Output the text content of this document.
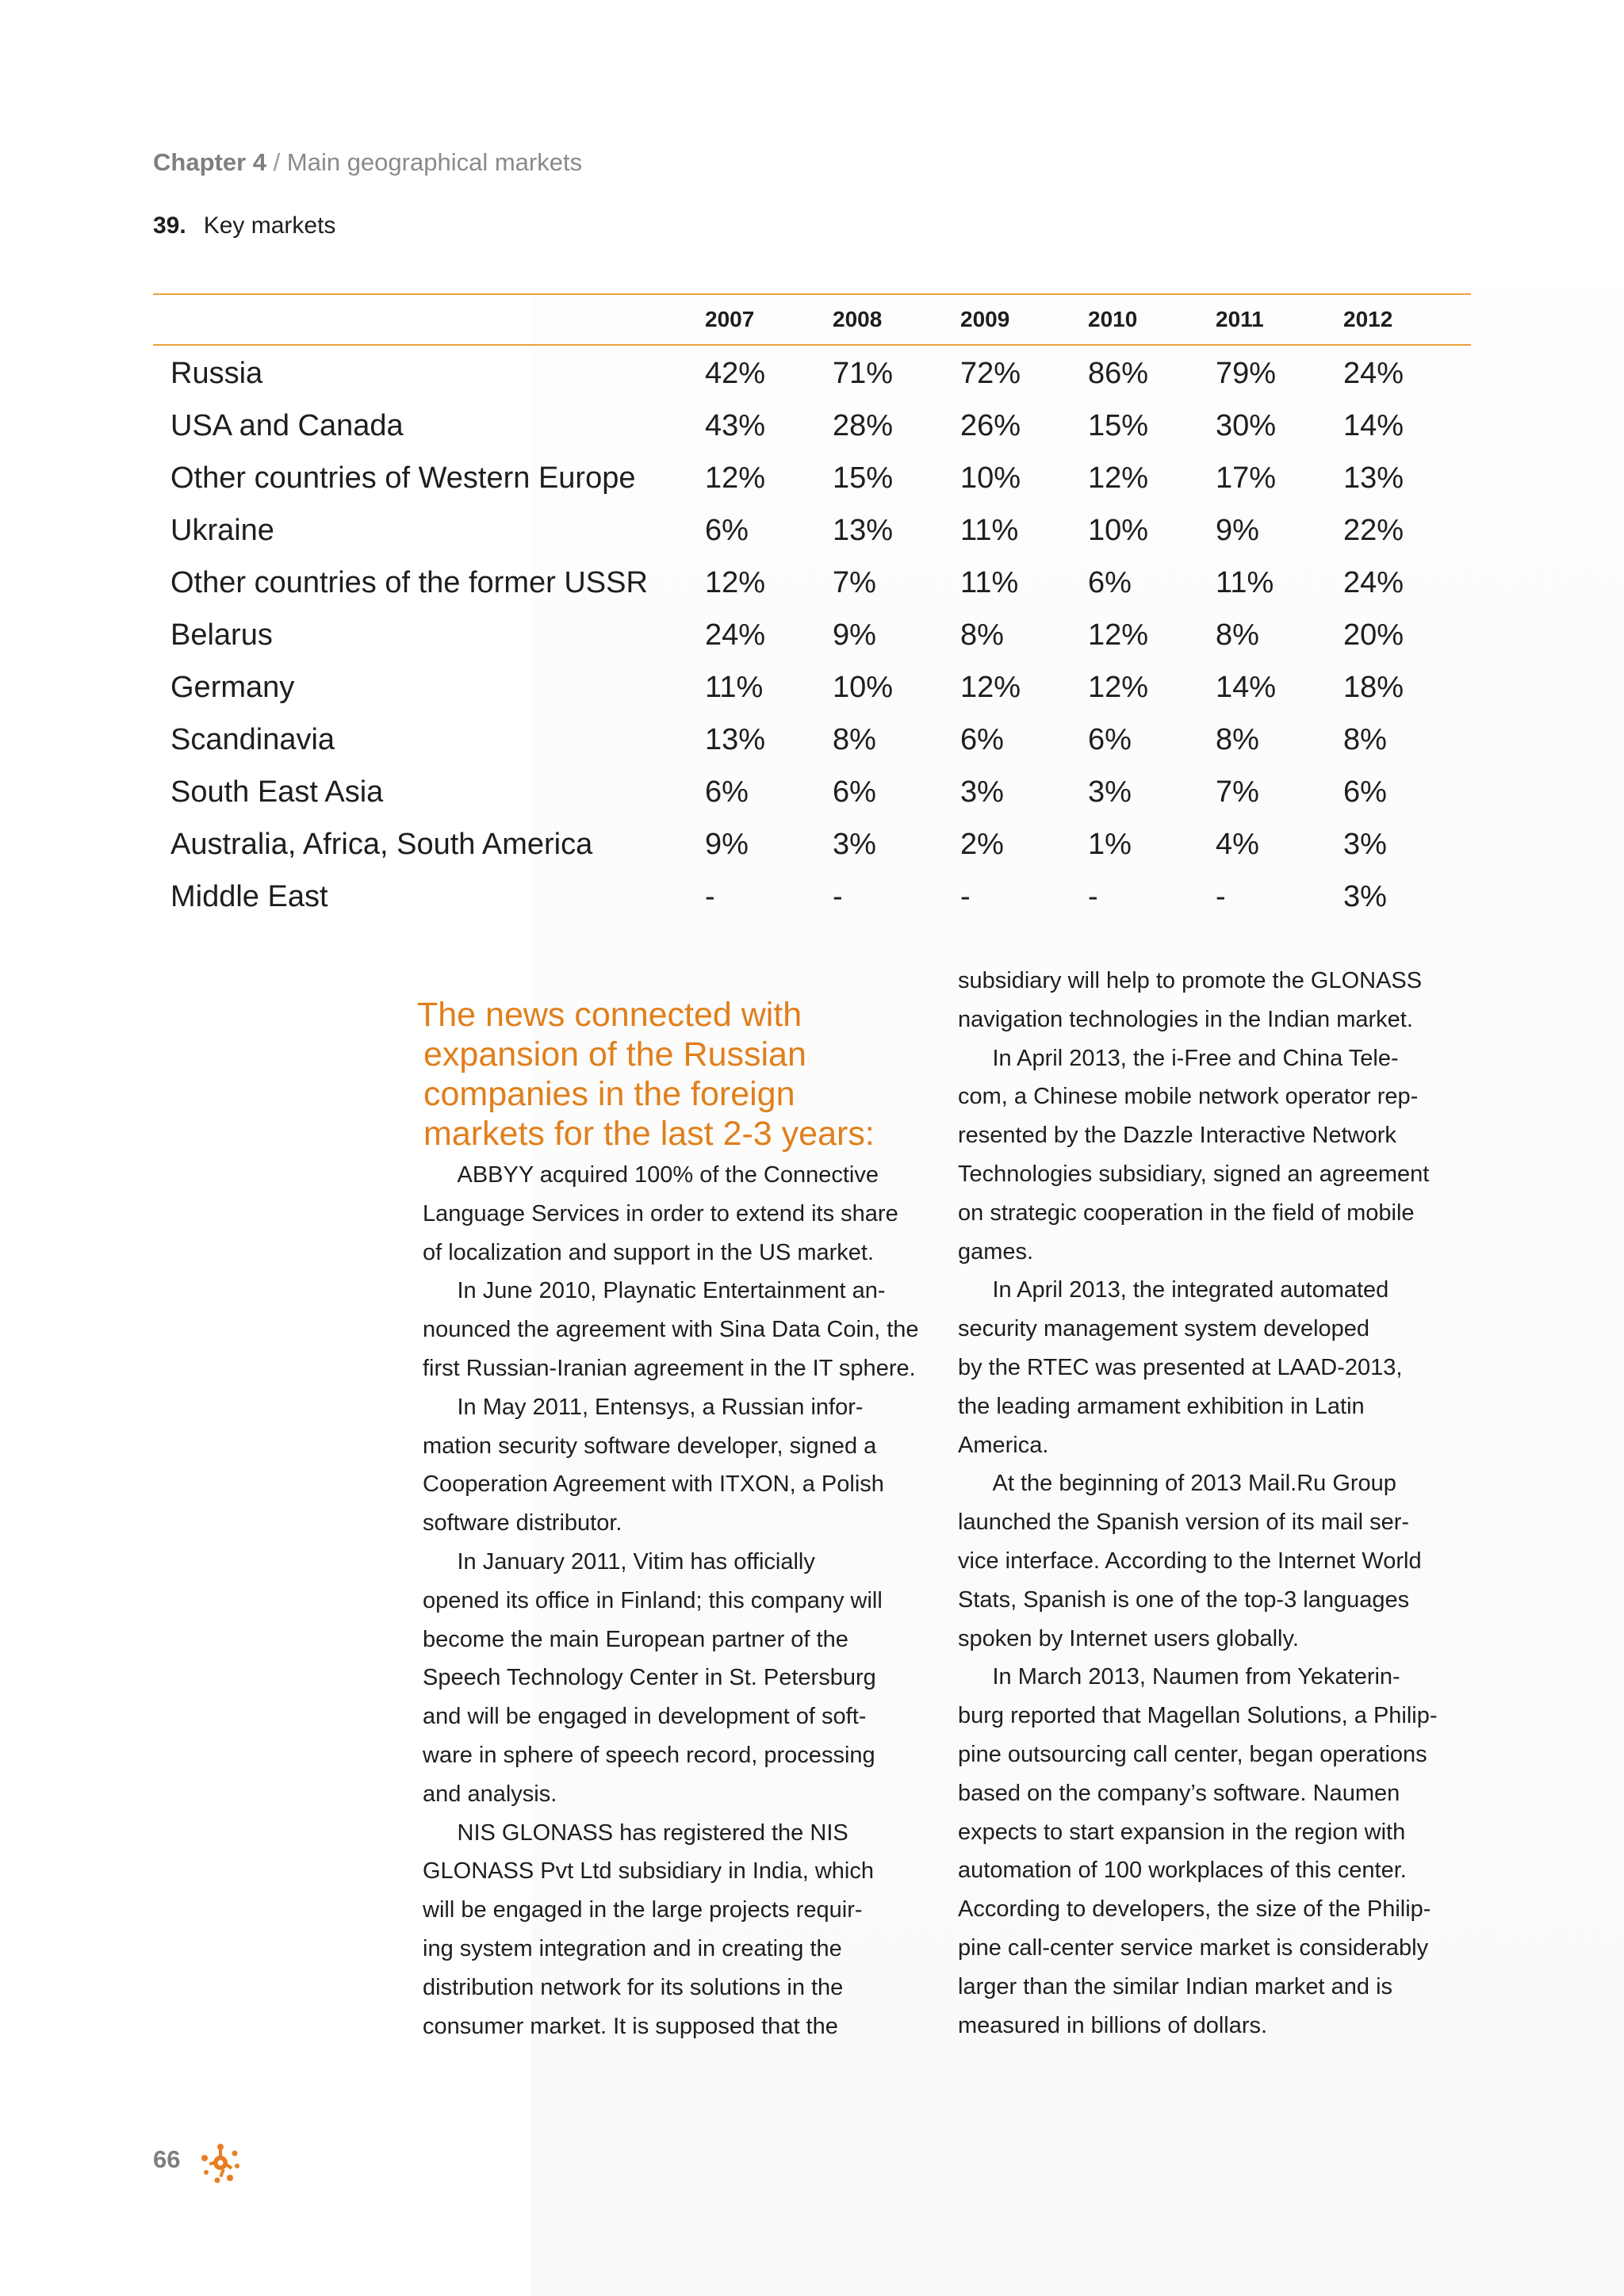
Chapter 4 / Main geographical markets
39. Key markets
	2007	2008	2009	2010	2011	2012
Russia	42%	71%	72%	86%	79%	24%
USA and Canada	43%	28%	26%	15%	30%	14%
Other countries of Western Europe	12%	15%	10%	12%	17%	13%
Ukraine	6%	13%	11%	10%	9%	22%
Other countries of the former USSR	12%	7%	11%	6%	11%	24%
Belarus	24%	9%	8%	12%	8%	20%
Germany	11%	10%	12%	12%	14%	18%
Scandinavia	13%	8%	6%	6%	8%	8%
South East Asia	6%	6%	3%	3%	7%	6%
Australia, Africa, South America	9%	3%	2%	1%	4%	3%
Middle East	-	-	-	-	-	3%
The news connected with
expansion of the Russian
companies in the foreign
markets for the last 2-3 years:
  ABBYY acquired 100% of the Connective
Language Services in order to extend its share
of localization and support in the US market.
  In June 2010, Playnatic Entertainment an-
nounced the agreement with Sina Data Coin, the
first Russian-Iranian agreement in the IT sphere.
  In May 2011, Entensys, a Russian infor-
mation security software developer, signed a
Cooperation Agreement with ITXON, a Polish
software distributor.
  In January 2011, Vitim has officially
opened its office in Finland; this company will
become the main European partner of the
Speech Technology Center in St. Petersburg
and will be engaged in development of soft-
ware in sphere of speech record, processing
and analysis.
  NIS GLONASS has registered the NIS
GLONASS Pvt Ltd subsidiary in India, which
will be engaged in the large projects requir-
ing system integration and in creating the
distribution network for its solutions in the
consumer market. It is supposed that the
subsidiary will help to promote the GLONASS
navigation technologies in the Indian market.
  In April 2013, the i-Free and China Tele-
com, a Chinese mobile network operator rep-
resented by the Dazzle Interactive Network
Technologies subsidiary, signed an agreement
on strategic cooperation in the field of mobile
games.
  In April 2013, the integrated automated
security management system developed
by the RTEC was presented at LAAD-2013,
the leading armament exhibition in Latin
America.
  At the beginning of 2013 Mail.Ru Group
launched the Spanish version of its mail ser-
vice interface. According to the Internet World
Stats, Spanish is one of the top-3 languages
spoken by Internet users globally.
  In March 2013, Naumen from Yekaterin-
burg reported that Magellan Solutions, a Philip-
pine outsourcing call center, began operations
based on the company’s software. Naumen
expects to start expansion in the region with
automation of 100 workplaces of this center.
According to developers, the size of the Philip-
pine call-center service market is considerably
larger than the similar Indian market and is
measured in billions of dollars.
66
